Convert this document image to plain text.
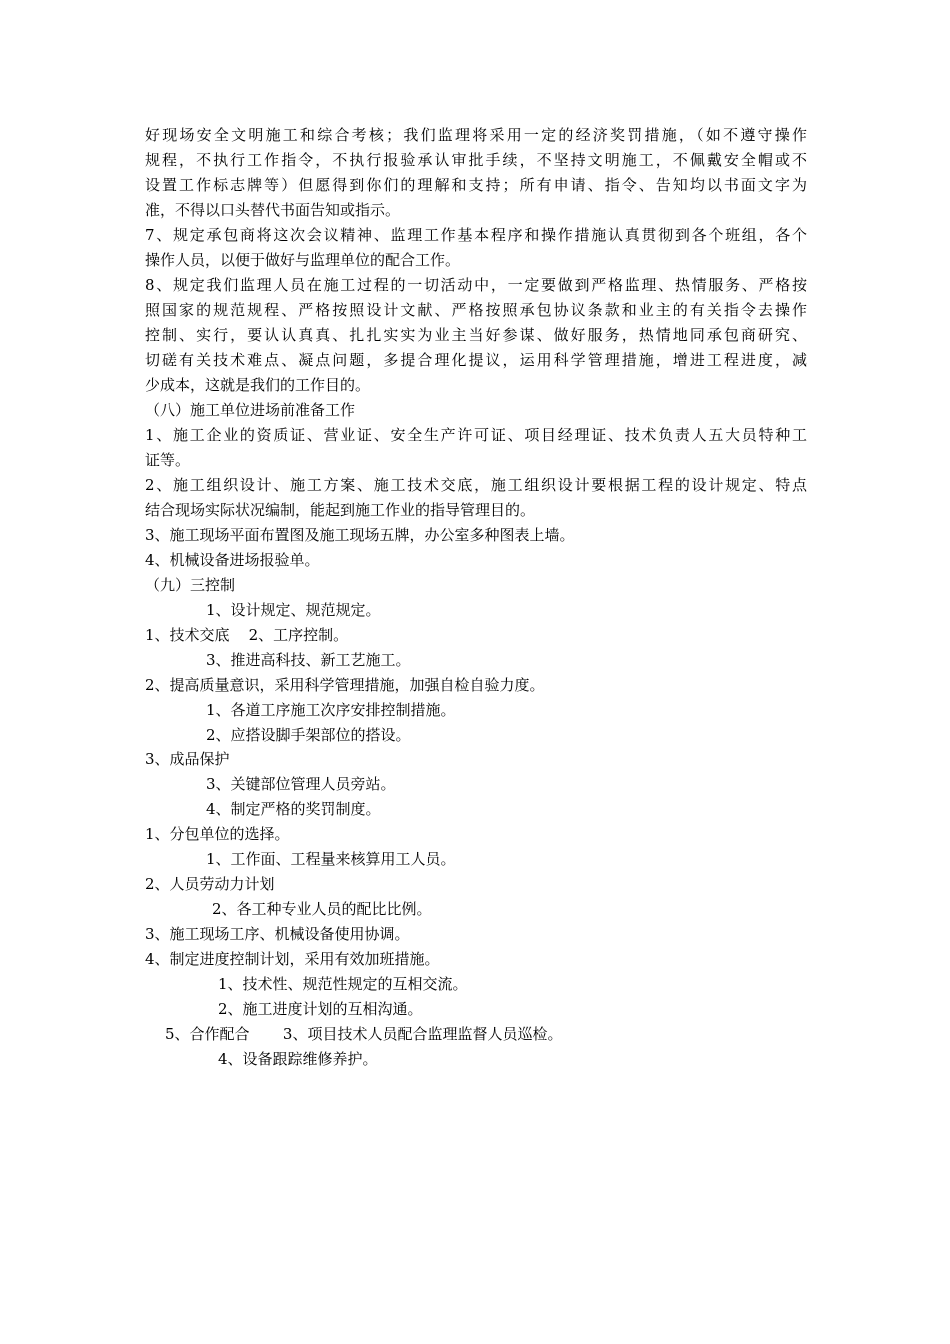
好现场安全文明施工和综合考核；我们监理将采用一定的经济奖罚措施，（如不遵守操作
规程，不执行工作指令，不执行报验承认审批手续，不坚持文明施工，不佩戴安全帽或不
设置工作标志牌等）但愿得到你们的理解和支持；所有申请、指令、告知均以书面文字为
准，不得以口头替代书面告知或指示。
7、规定承包商将这次会议精神、监理工作基本程序和操作措施认真贯彻到各个班组，各个
操作人员，以便于做好与监理单位的配合工作。
8、规定我们监理人员在施工过程的一切活动中，一定要做到严格监理、热情服务、严格按
照国家的规范规程、严格按照设计文献、严格按照承包协议条款和业主的有关指令去操作
控制、实行，要认认真真、扎扎实实为业主当好参谋、做好服务，热情地同承包商研究、
切磋有关技术难点、凝点问题，多提合理化提议，运用科学管理措施，增进工程进度，减
少成本，这就是我们的工作目的。
（八）施工单位进场前准备工作
1、施工企业的资质证、营业证、安全生产许可证、项目经理证、技术负责人五大员特种工
证等。
2、施工组织设计、施工方案、施工技术交底，施工组织设计要根据工程的设计规定、特点
结合现场实际状况编制，能起到施工作业的指导管理目的。
3、施工现场平面布置图及施工现场五牌，办公室多种图表上墙。
4、机械设备进场报验单。
（九）三控制
1、设计规定、规范规定。
1、技术交底    2、工序控制。
3、推进高科技、新工艺施工。
2、提高质量意识，采用科学管理措施，加强自检自验力度。
1、各道工序施工次序安排控制措施。
2、应搭设脚手架部位的搭设。
3、成品保护
3、关键部位管理人员旁站。
4、制定严格的奖罚制度。
1、分包单位的选择。
1、工作面、工程量来核算用工人员。
2、人员劳动力计划
2、各工种专业人员的配比比例。
3、施工现场工序、机械设备使用协调。
4、制定进度控制计划，采用有效加班措施。
1、技术性、规范性规定的互相交流。
2、施工进度计划的互相沟通。
5、合作配合       3、项目技术人员配合监理监督人员巡检。
4、设备跟踪维修养护。
